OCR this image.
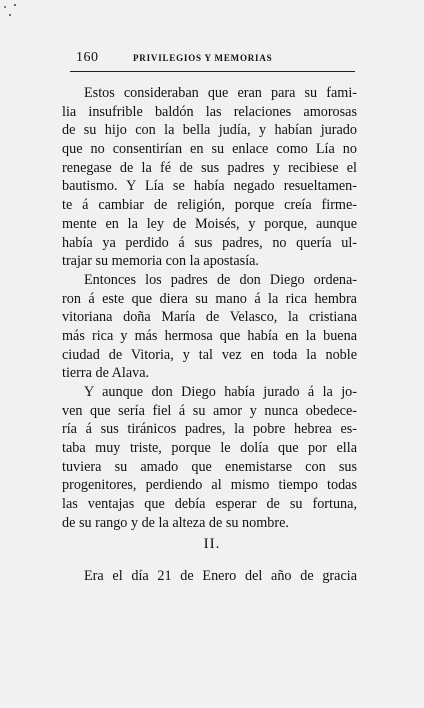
160	PRIVILEGIOS Y MEMORIAS
Estos consideraban que eran para su fami-
lia insufrible baldón las relaciones amorosas
de su hijo con la bella judía, y habían jurado
que no consentirían en su enlace como Lía no
renegase de la fé de sus padres y recibiese el
bautismo. Y Lía se había negado resueltamen-
te á cambiar de religión, porque creía firme-
mente en la ley de Moisés, y porque, aunque
había ya perdido á sus padres, no quería ul-
trajar su memoria con la apostasía.
Entonces los padres de don Diego ordena-
ron á este que diera su mano á la rica hembra
vitoriana doña María de Velasco, la cristiana
más rica y más hermosa que había en la buena
ciudad de Vitoria, y tal vez en toda la noble
tierra de Alava.
Y aunque don Diego había jurado á la jo-
ven que sería fiel á su amor y nunca obedece-
ría á sus tiránicos padres, la pobre hebrea es-
taba muy triste, porque le dolía que por ella
tuviera su amado que enemistarse con sus
progenitores, perdiendo al mismo tiempo todas
las ventajas que debía esperar de su fortuna,
de su rango y de la alteza de su nombre.
II.
Era el día 21 de Enero del año de gracia
